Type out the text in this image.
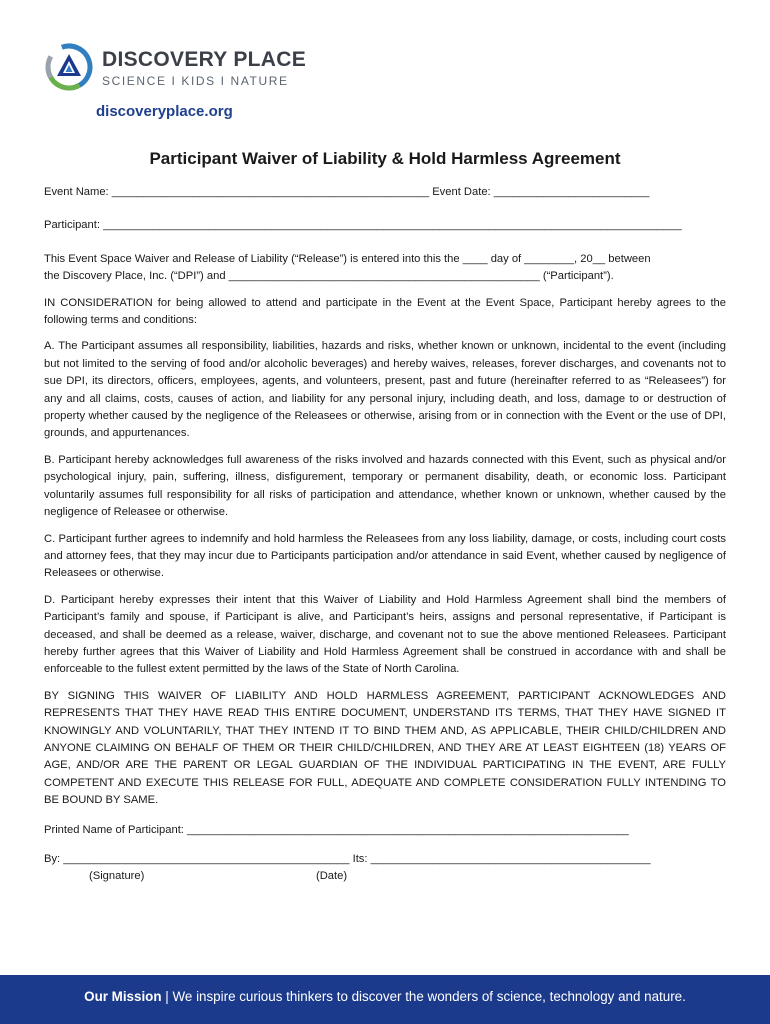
DISCOVERY PLACE
SCIENCE I KIDS I NATURE
discoveryplace.org
Participant Waiver of Liability & Hold Harmless Agreement
Event Name: ___________________________________________________ Event Date: _________________________
Participant: _____________________________________________________________________________________________
This Event Space Waiver and Release of Liability (“Release”) is entered into this the ____ day of ________, 20__ between
the Discovery Place, Inc. (“DPI”) and __________________________________________________ (“Participant”).

IN CONSIDERATION for being allowed to attend and participate in the Event at the Event Space, Participant hereby agrees to the following terms and conditions:

A. The Participant assumes all responsibility, liabilities, hazards and risks, whether known or unknown, incidental to the event (including but not limited to the serving of food and/or alcoholic beverages) and hereby waives, releases, forever discharges, and covenants not to sue DPI, its directors, officers, employees, agents, and volunteers, present, past and future (hereinafter referred to as “Releasees”) for any and all claims, costs, causes of action, and liability for any personal injury, including death, and loss, damage to or destruction of property whether caused by the negligence of the Releasees or otherwise, arising from or in connection with the Event or the use of DPI, grounds, and appurtenances.

B. Participant hereby acknowledges full awareness of the risks involved and hazards connected with this Event, such as physical and/or psychological injury, pain, suffering, illness, disfigurement, temporary or permanent disability, death, or economic loss. Participant voluntarily assumes full responsibility for all risks of participation and attendance, whether known or unknown, whether caused by the negligence of Releasee or otherwise.

C. Participant further agrees to indemnify and hold harmless the Releasees from any loss liability, damage, or costs, including court costs and attorney fees, that they may incur due to Participants participation and/or attendance in said Event, whether caused by negligence of Releasees or otherwise.

D. Participant hereby expresses their intent that this Waiver of Liability and Hold Harmless Agreement shall bind the members of Participant’s family and spouse, if Participant is alive, and Participant’s heirs, assigns and personal representative, if Participant is deceased, and shall be deemed as a release, waiver, discharge, and covenant not to sue the above mentioned Releasees. Participant hereby further agrees that this Waiver of Liability and Hold Harmless Agreement shall be construed in accordance with and shall be enforceable to the fullest extent permitted by the laws of the State of North Carolina.

BY SIGNING THIS WAIVER OF LIABILITY AND HOLD HARMLESS AGREEMENT, PARTICIPANT ACKNOWLEDGES AND REPRESENTS THAT THEY HAVE READ THIS ENTIRE DOCUMENT, UNDERSTAND ITS TERMS, THAT THEY HAVE SIGNED IT KNOWINGLY AND VOLUNTARILY, THAT THEY INTEND IT TO BIND THEM AND, AS APPLICABLE, THEIR CHILD/CHILDREN AND ANYONE CLAIMING ON BEHALF OF THEM OR THEIR CHILD/CHILDREN, AND THEY ARE AT LEAST EIGHTEEN (18) YEARS OF AGE, AND/OR ARE THE PARENT OR LEGAL GUARDIAN OF THE INDIVIDUAL PARTICIPATING IN THE EVENT, ARE FULLY COMPETENT AND EXECUTE THIS RELEASE FOR FULL, ADEQUATE AND COMPLETE CONSIDERATION FULLY INTENDING TO BE BOUND BY SAME.

Printed Name of Participant: _______________________________________________________________________
By: ______________________________________________ Its: _____________________________________________
(Signature)	(Date)
Our Mission | We inspire curious thinkers to discover the wonders of science, technology and nature.
